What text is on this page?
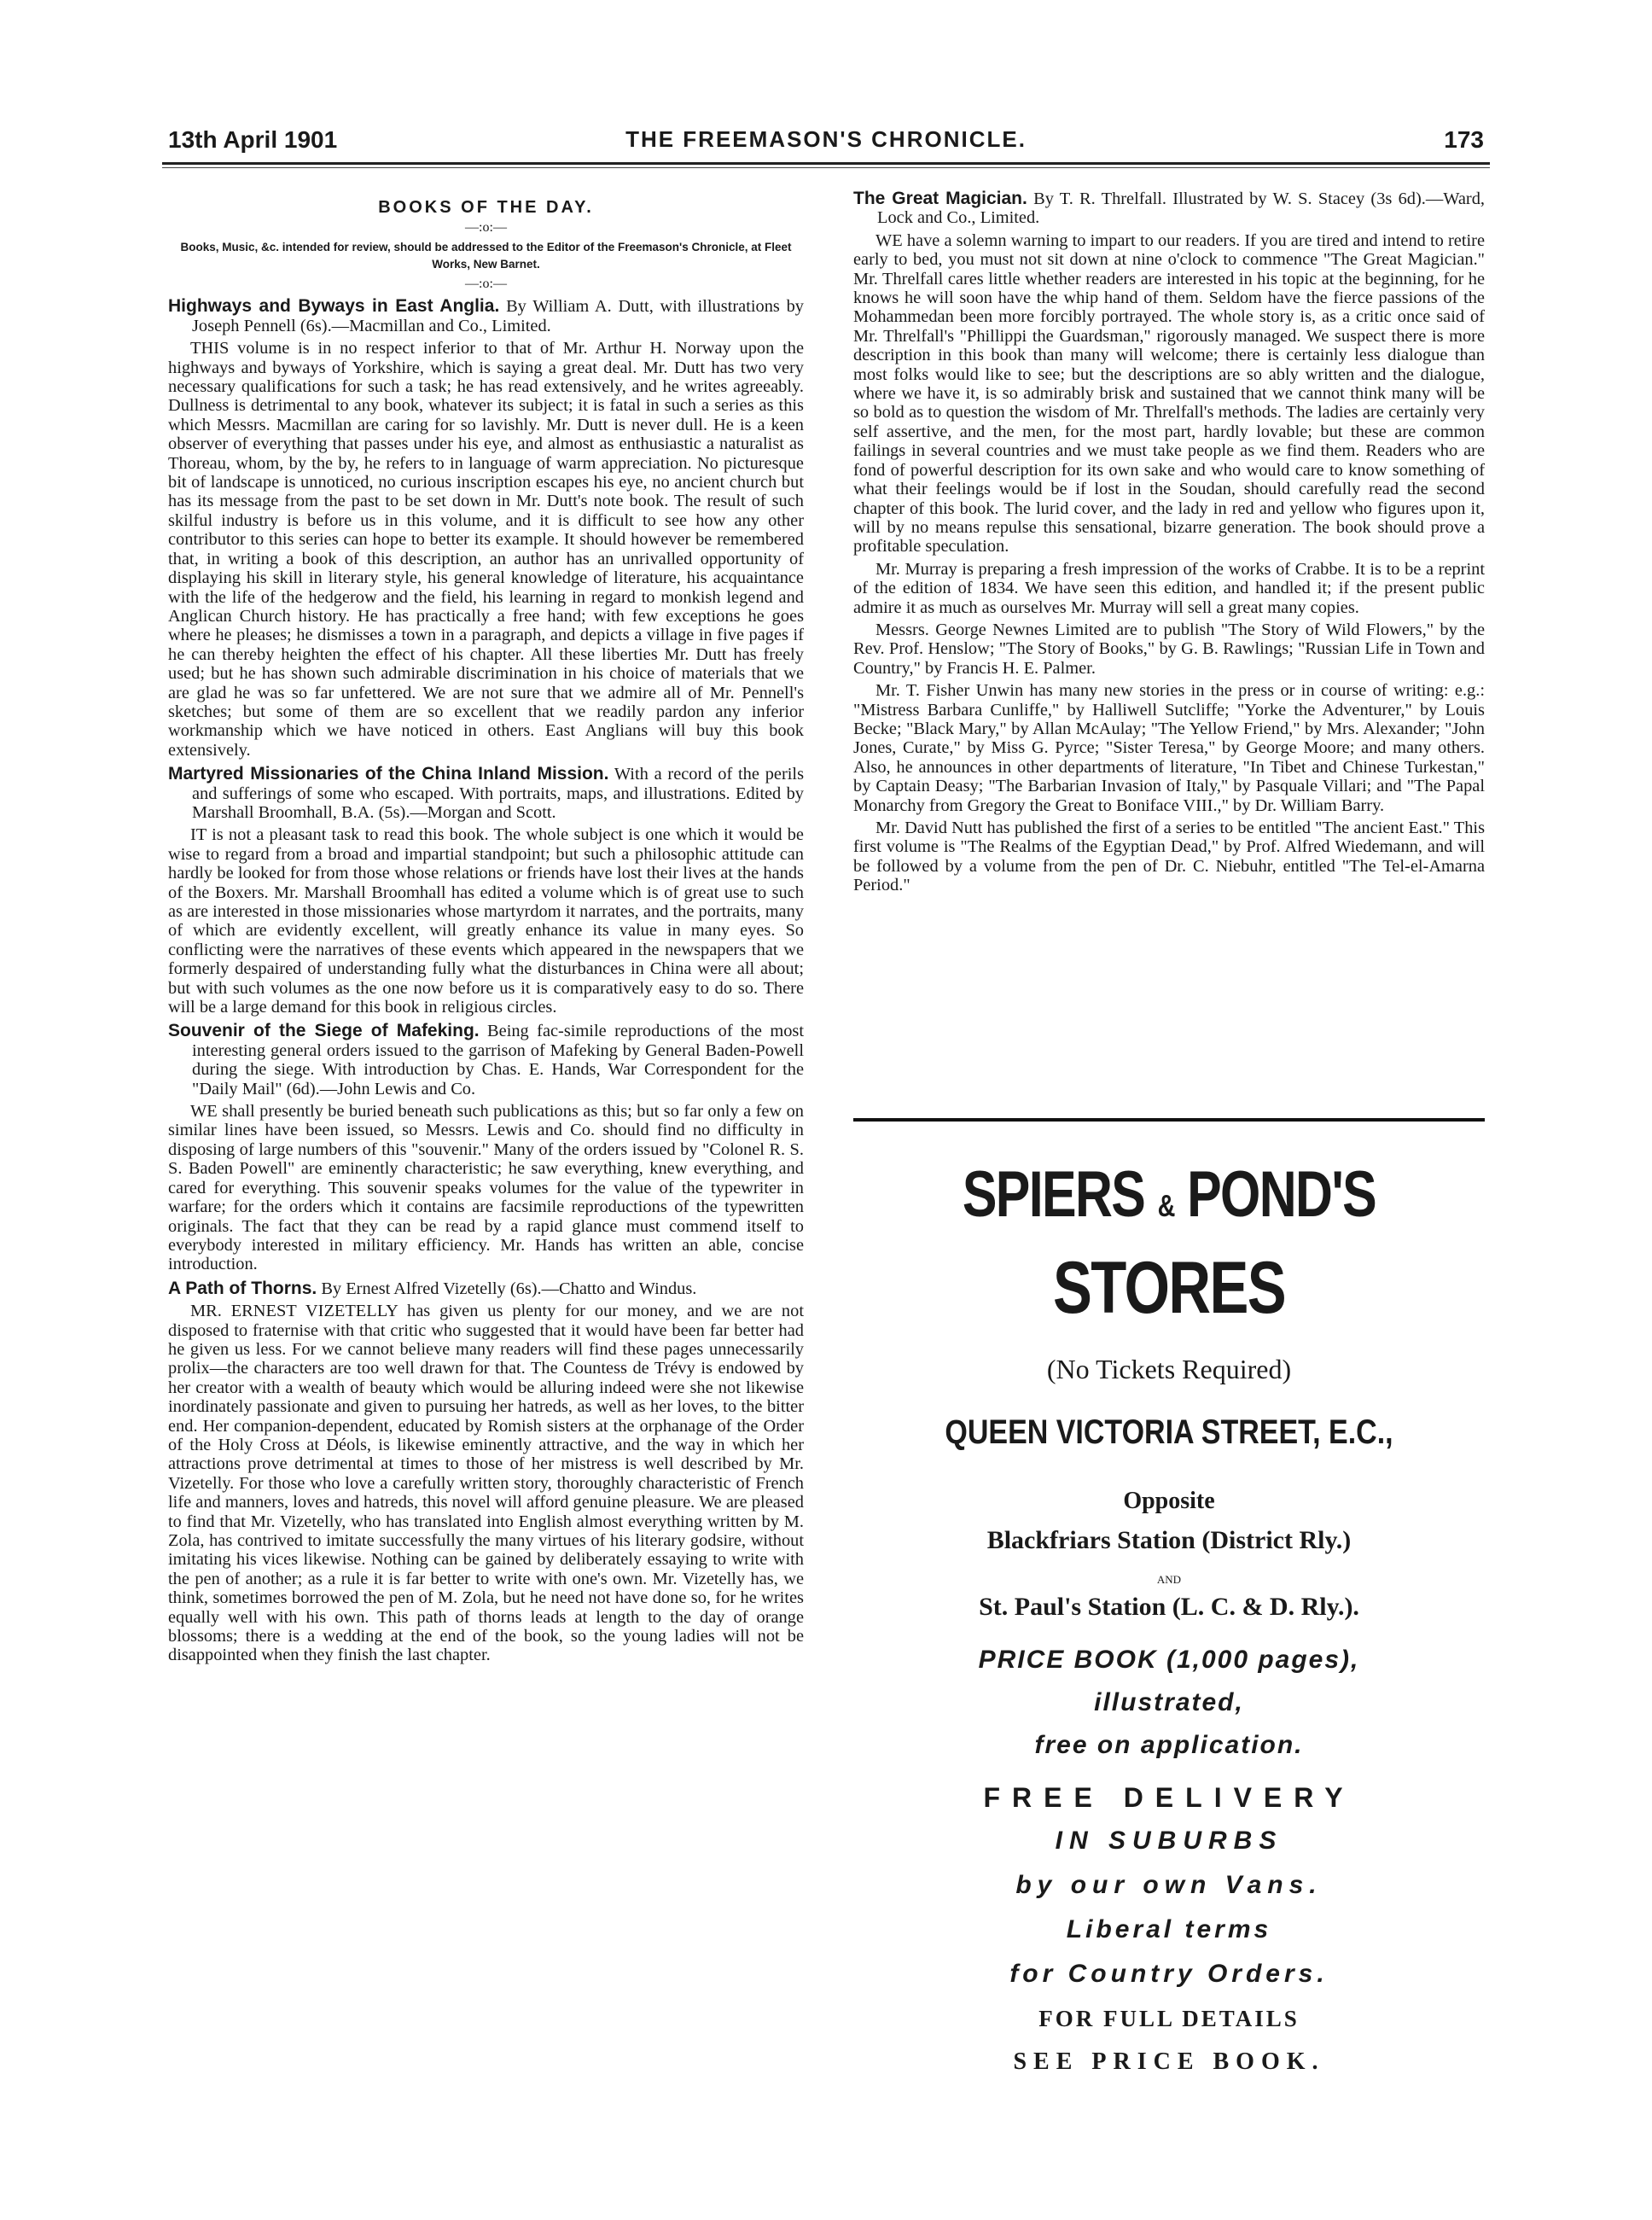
13th April 1901	THE FREEMASON'S CHRONICLE.	173
BOOKS OF THE DAY.
—:o:—
Books, Music, &c. intended for review, should be addressed to the Editor of the Freemason's Chronicle, at Fleet Works, New Barnet.
—:o:—
Highways and Byways in East Anglia. By William A. Dutt, with illustrations by Joseph Pennell (6s).—Macmillan and Co., Limited.

THIS volume is in no respect inferior to that of Mr. Arthur H. Norway upon the highways and byways of Yorkshire, which is saying a great deal. Mr. Dutt has two very necessary qualifications for such a task; he has read extensively, and he writes agreeably. Dullness is detrimental to any book, whatever its subject; it is fatal in such a series as this which Messrs. Macmillan are caring for so lavishly. Mr. Dutt is never dull. He is a keen observer of everything that passes under his eye, and almost as enthusiastic a naturalist as Thoreau, whom, by the by, he refers to in language of warm appreciation. No picturesque bit of landscape is unnoticed, no curious inscription escapes his eye, no ancient church but has its message from the past to be set down in Mr. Dutt's note book. The result of such skilful industry is before us in this volume, and it is difficult to see how any other contributor to this series can hope to better its example. It should however be remembered that, in writing a book of this description, an author has an unrivalled opportunity of displaying his skill in literary style, his general knowledge of literature, his acquaintance with the life of the hedgerow and the field, his learning in regard to monkish legend and Anglican Church history. He has practically a free hand; with few exceptions he goes where he pleases; he dismisses a town in a paragraph, and depicts a village in five pages if he can thereby heighten the effect of his chapter. All these liberties Mr. Dutt has freely used; but he has shown such admirable discrimination in his choice of materials that we are glad he was so far unfettered. We are not sure that we admire all of Mr. Pennell's sketches; but some of them are so excellent that we readily pardon any inferior workmanship which we have noticed in others. East Anglians will buy this book extensively.

Martyred Missionaries of the China Inland Mission. With a record of the perils and sufferings of some who escaped. With portraits, maps, and illustrations. Edited by Marshall Broomhall, B.A. (5s).—Morgan and Scott.

IT is not a pleasant task to read this book. The whole subject is one which it would be wise to regard from a broad and impartial standpoint; but such a philosophic attitude can hardly be looked for from those whose relations or friends have lost their lives at the hands of the Boxers. Mr. Marshall Broomhall has edited a volume which is of great use to such as are interested in those missionaries whose martyrdom it narrates, and the portraits, many of which are evidently excellent, will greatly enhance its value in many eyes. So conflicting were the narratives of these events which appeared in the newspapers that we formerly despaired of understanding fully what the disturbances in China were all about; but with such volumes as the one now before us it is comparatively easy to do so. There will be a large demand for this book in religious circles.

Souvenir of the Siege of Mafeking. Being fac-simile reproductions of the most interesting general orders issued to the garrison of Mafeking by General Baden-Powell during the siege. With introduction by Chas. E. Hands, War Correspondent for the "Daily Mail" (6d).—John Lewis and Co.

WE shall presently be buried beneath such publications as this; but so far only a few on similar lines have been issued, so Messrs. Lewis and Co. should find no difficulty in disposing of large numbers of this "souvenir." Many of the orders issued by "Colonel R. S. S. Baden Powell" are eminently characteristic; he saw everything, knew everything, and cared for everything. This souvenir speaks volumes for the value of the typewriter in warfare; for the orders which it contains are facsimile reproductions of the typewritten originals. The fact that they can be read by a rapid glance must commend itself to everybody interested in military efficiency. Mr. Hands has written an able, concise introduction.

A Path of Thorns. By Ernest Alfred Vizetelly (6s).—Chatto and Windus.

MR. ERNEST VIZETELLY has given us plenty for our money, and we are not disposed to fraternise with that critic who suggested that it would have been far better had he given us less. For we cannot believe many readers will find these pages unnecessarily prolix—the characters are too well drawn for that. The Countess de Trévy is endowed by her creator with a wealth of beauty which would be alluring indeed were she not likewise inordinately passionate and given to pursuing her hatreds, as well as her loves, to the bitter end. Her companion-dependent, educated by Romish sisters at the orphanage of the Order of the Holy Cross at Déols, is likewise eminently attractive, and the way in which her attractions prove detrimental at times to those of her mistress is well described by Mr. Vizetelly. For those who love a carefully written story, thoroughly characteristic of French life and manners, loves and hatreds, this novel will afford genuine pleasure. We are pleased to find that Mr. Vizetelly, who has translated into English almost everything written by M. Zola, has contrived to imitate successfully the many virtues of his literary godsire, without imitating his vices likewise. Nothing can be gained by deliberately essaying to write with the pen of another; as a rule it is far better to write with one's own. Mr. Vizetelly has, we think, sometimes borrowed the pen of M. Zola, but he need not have done so, for he writes equally well with his own. This path of thorns leads at length to the day of orange blossoms; there is a wedding at the end of the book, so the young ladies will not be disappointed when they finish the last chapter.

The Great Magician. By T. R. Threlfall. Illustrated by W. S. Stacey (3s 6d).—Ward, Lock and Co., Limited.

WE have a solemn warning to impart to our readers. If you are tired and intend to retire early to bed, you must not sit down at nine o'clock to commence "The Great Magician." Mr. Threlfall cares little whether readers are interested in his topic at the beginning, for he knows he will soon have the whip hand of them. Seldom have the fierce passions of the Mohammedan been more forcibly portrayed. The whole story is, as a critic once said of Mr. Threlfall's "Phillippi the Guardsman," rigorously managed. We suspect there is more description in this book than many will welcome; there is certainly less dialogue than most folks would like to see; but the descriptions are so ably written and the dialogue, where we have it, is so admirably brisk and sustained that we cannot think many will be so bold as to question the wisdom of Mr. Threlfall's methods. The ladies are certainly very self assertive, and the men, for the most part, hardly lovable; but these are common failings in several countries and we must take people as we find them. Readers who are fond of powerful description for its own sake and who would care to know something of what their feelings would be if lost in the Soudan, should carefully read the second chapter of this book. The lurid cover, and the lady in red and yellow who figures upon it, will by no means repulse this sensational, bizarre generation. The book should prove a profitable speculation.

Mr. Murray is preparing a fresh impression of the works of Crabbe. It is to be a reprint of the edition of 1834. We have seen this edition, and handled it; if the present public admire it as much as ourselves Mr. Murray will sell a great many copies.

Messrs. George Newnes Limited are to publish "The Story of Wild Flowers," by the Rev. Prof. Henslow; "The Story of Books," by G. B. Rawlings; "Russian Life in Town and Country," by Francis H. E. Palmer.

Mr. T. Fisher Unwin has many new stories in the press or in course of writing: e.g.: "Mistress Barbara Cunliffe," by Halliwell Sutcliffe; "Yorke the Adventurer," by Louis Becke; "Black Mary," by Allan McAulay; "The Yellow Friend," by Mrs. Alexander; "John Jones, Curate," by Miss G. Pyrce; "Sister Teresa," by George Moore; and many others. Also, he announces in other departments of literature, "In Tibet and Chinese Turkestan," by Captain Deasy; "The Barbarian Invasion of Italy," by Pasquale Villari; and "The Papal Monarchy from Gregory the Great to Boniface VIII.," by Dr. William Barry.

Mr. David Nutt has published the first of a series to be entitled "The ancient East." This first volume is "The Realms of the Egyptian Dead," by Prof. Alfred Wiedemann, and will be followed by a volume from the pen of Dr. C. Niebuhr, entitled "The Tel-el-Amarna Period."

SPIERS & POND'S
STORES
(No Tickets Required)
QUEEN VICTORIA STREET, E.C.,
Opposite
Blackfriars Station (District Rly.)
AND
St. Paul's Station (L. C. & D. Rly.).
PRICE BOOK (1,000 pages),
illustrated,
free on application.
FREE DELIVERY
IN SUBURBS
by our own Vans.
Liberal terms
for Country Orders.
FOR FULL DETAILS
SEE PRICE BOOK.
